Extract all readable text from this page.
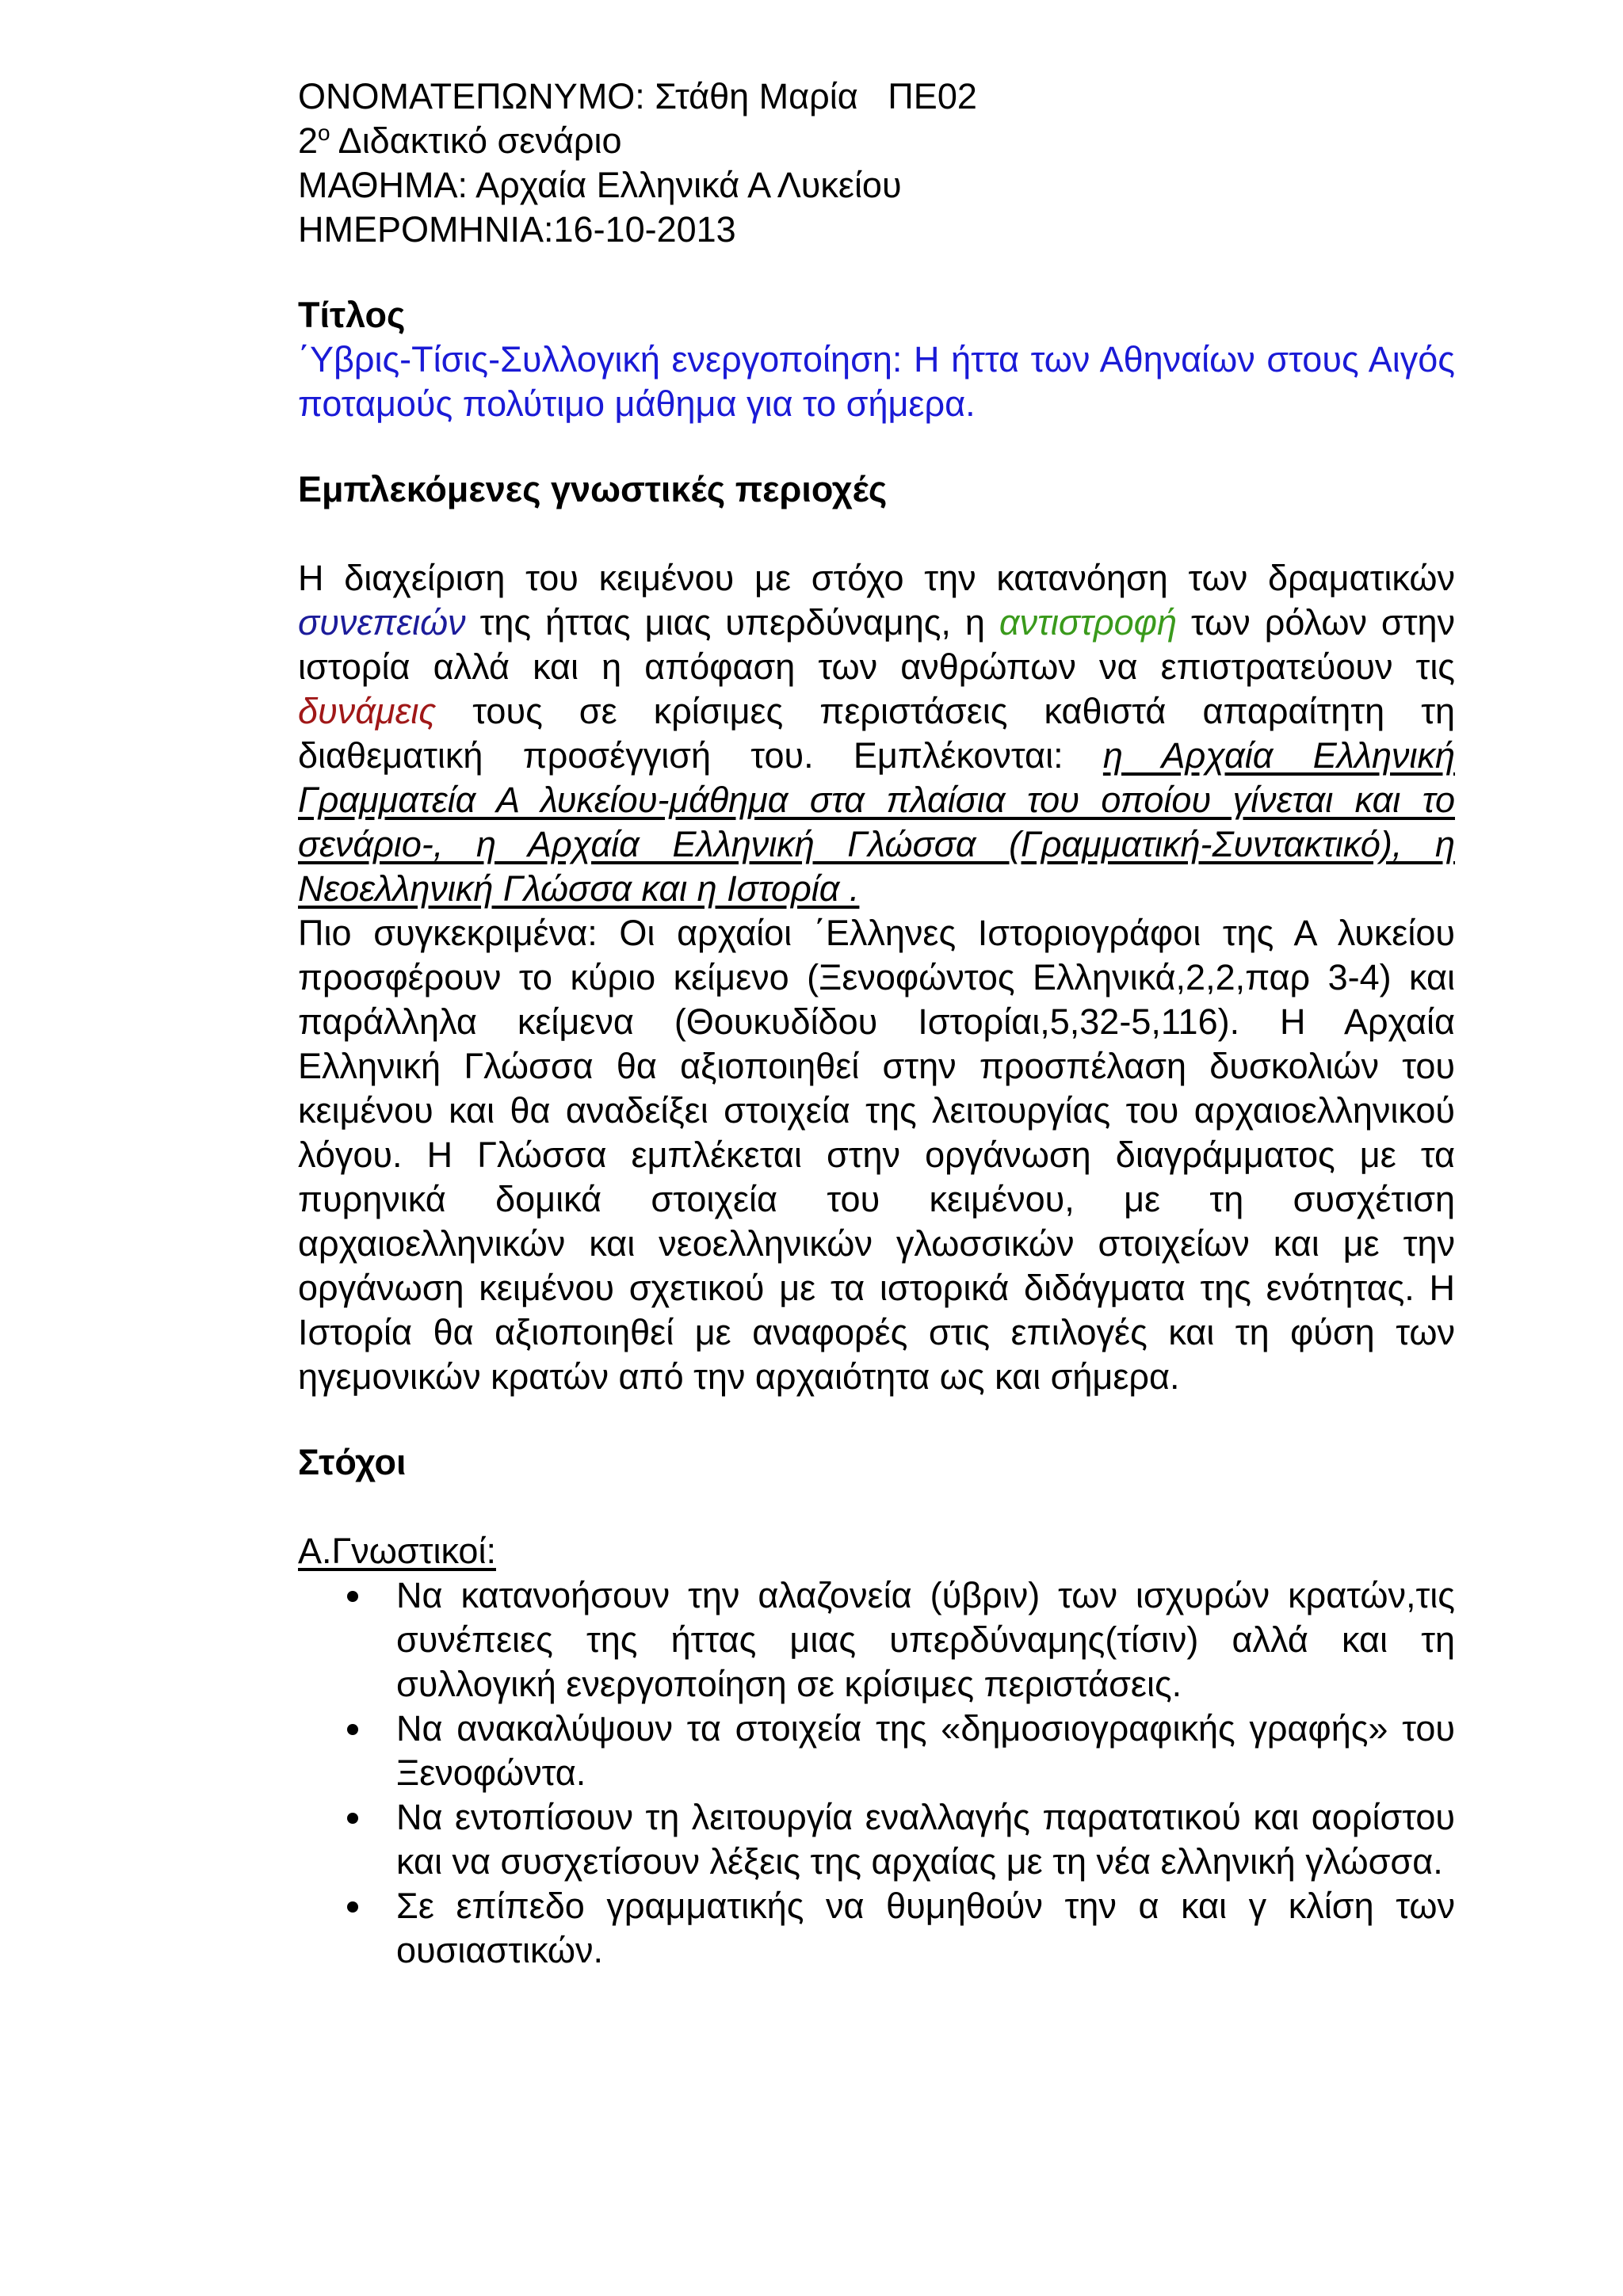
ΟΝΟΜΑΤΕΠΩΝΥΜΟ: Στάθη Μαρία   ΠΕ02

$2^o$ Διδακτικό σενάριο

ΜΑΘΗΜΑ: Αρχαία Ελληνικά Α Λυκείου

ΗΜΕΡΟΜΗΝΙΑ:16-10-2013

Τίτλος

΄Υβρις-Τίσις-Συλλογική ενεργοποίηση: Η ήττα των Αθηναίων στους Αιγός ποταμούς πολύτιμο μάθημα για το σήμερα.

Εμπλεκόμενες γνωστικές περιοχές

Η διαχείριση του κειμένου με στόχο την κατανόηση των δραματικών συνεπειών της ήττας μιας υπερδύναμης, η αντιστροφή των ρόλων στην ιστορία αλλά και η απόφαση των ανθρώπων να επιστρατεύουν τις δυνάμεις τους σε κρίσιμες περιστάσεις καθιστά απαραίτητη τη διαθεματική προσέγγισή του. Εμπλέκονται: η Αρχαία Ελληνική Γραμματεία Α λυκείου-μάθημα στα πλαίσια του οποίου γίνεται και το σενάριο-, η Αρχαία Ελληνική Γλώσσα (Γραμματική-Συντακτικό), η Νεοελληνική Γλώσσα και η Ιστορία .

Πιο συγκεκριμένα: Οι αρχαίοι ΄Ελληνες Ιστοριογράφοι της Α λυκείου προσφέρουν το κύριο κείμενο (Ξενοφώντος Ελληνικά,2,2,παρ 3-4) και παράλληλα κείμενα (Θουκυδίδου Ιστορίαι,5,32-5,116). Η Αρχαία Ελληνική Γλώσσα θα αξιοποιηθεί στην προσπέλαση δυσκολιών του κειμένου και θα αναδείξει στοιχεία της λειτουργίας του αρχαιοελληνικού λόγου. Η Γλώσσα εμπλέκεται στην οργάνωση διαγράμματος με τα πυρηνικά δομικά στοιχεία του κειμένου, με τη συσχέτιση αρχαιοελληνικών και νεοελληνικών γλωσσικών στοιχείων και με την οργάνωση κειμένου σχετικού με τα ιστορικά διδάγματα της ενότητας. Η Ιστορία θα αξιοποιηθεί με αναφορές στις επιλογές και τη φύση των ηγεμονικών κρατών από την αρχαιότητα ως και σήμερα.

Στόχοι

Α.Γνωστικοί:

Να κατανοήσουν την αλαζονεία (ύβριν) των ισχυρών κρατών,τις συνέπειες της ήττας μιας υπερδύναμης(τίσιν) αλλά και τη συλλογική ενεργοποίηση σε κρίσιμες περιστάσεις.
Να ανακαλύψουν τα στοιχεία της «δημοσιογραφικής γραφής» του Ξενοφώντα.
Να εντοπίσουν τη λειτουργία εναλλαγής παρατατικού και αορίστου και να συσχετίσουν λέξεις της αρχαίας με τη νέα ελληνική γλώσσα.
Σε επίπεδο γραμματικής να θυμηθούν την α και γ κλίση των ουσιαστικών.
